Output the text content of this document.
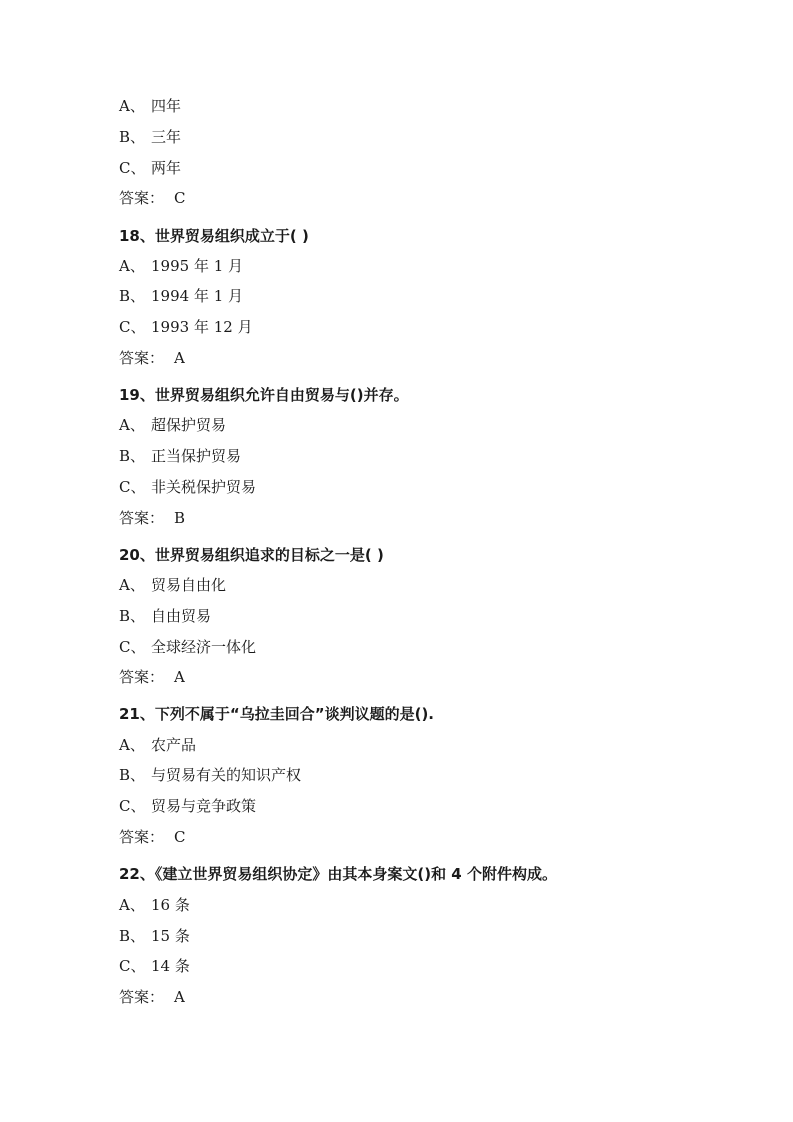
A、 四年
B、 三年
C、 两年
答案： C
18、世界贸易组织成立于( )
A、 1995 年 1 月
B、 1994 年 1 月
C、 1993 年 12 月
答案： A
19、世界贸易组织允许自由贸易与()并存。
A、 超保护贸易
B、 正当保护贸易
C、 非关税保护贸易
答案： B
20、世界贸易组织追求的目标之一是( )
A、 贸易自由化
B、 自由贸易
C、 全球经济一体化
答案： A
21、下列不属于“乌拉圭回合”谈判议题的是().
A、 农产品
B、 与贸易有关的知识产权
C、 贸易与竞争政策
答案： C
22、《建立世界贸易组织协定》由其本身案文()和 4 个附件构成。
A、 16 条
B、 15 条
C、 14 条
答案： A
